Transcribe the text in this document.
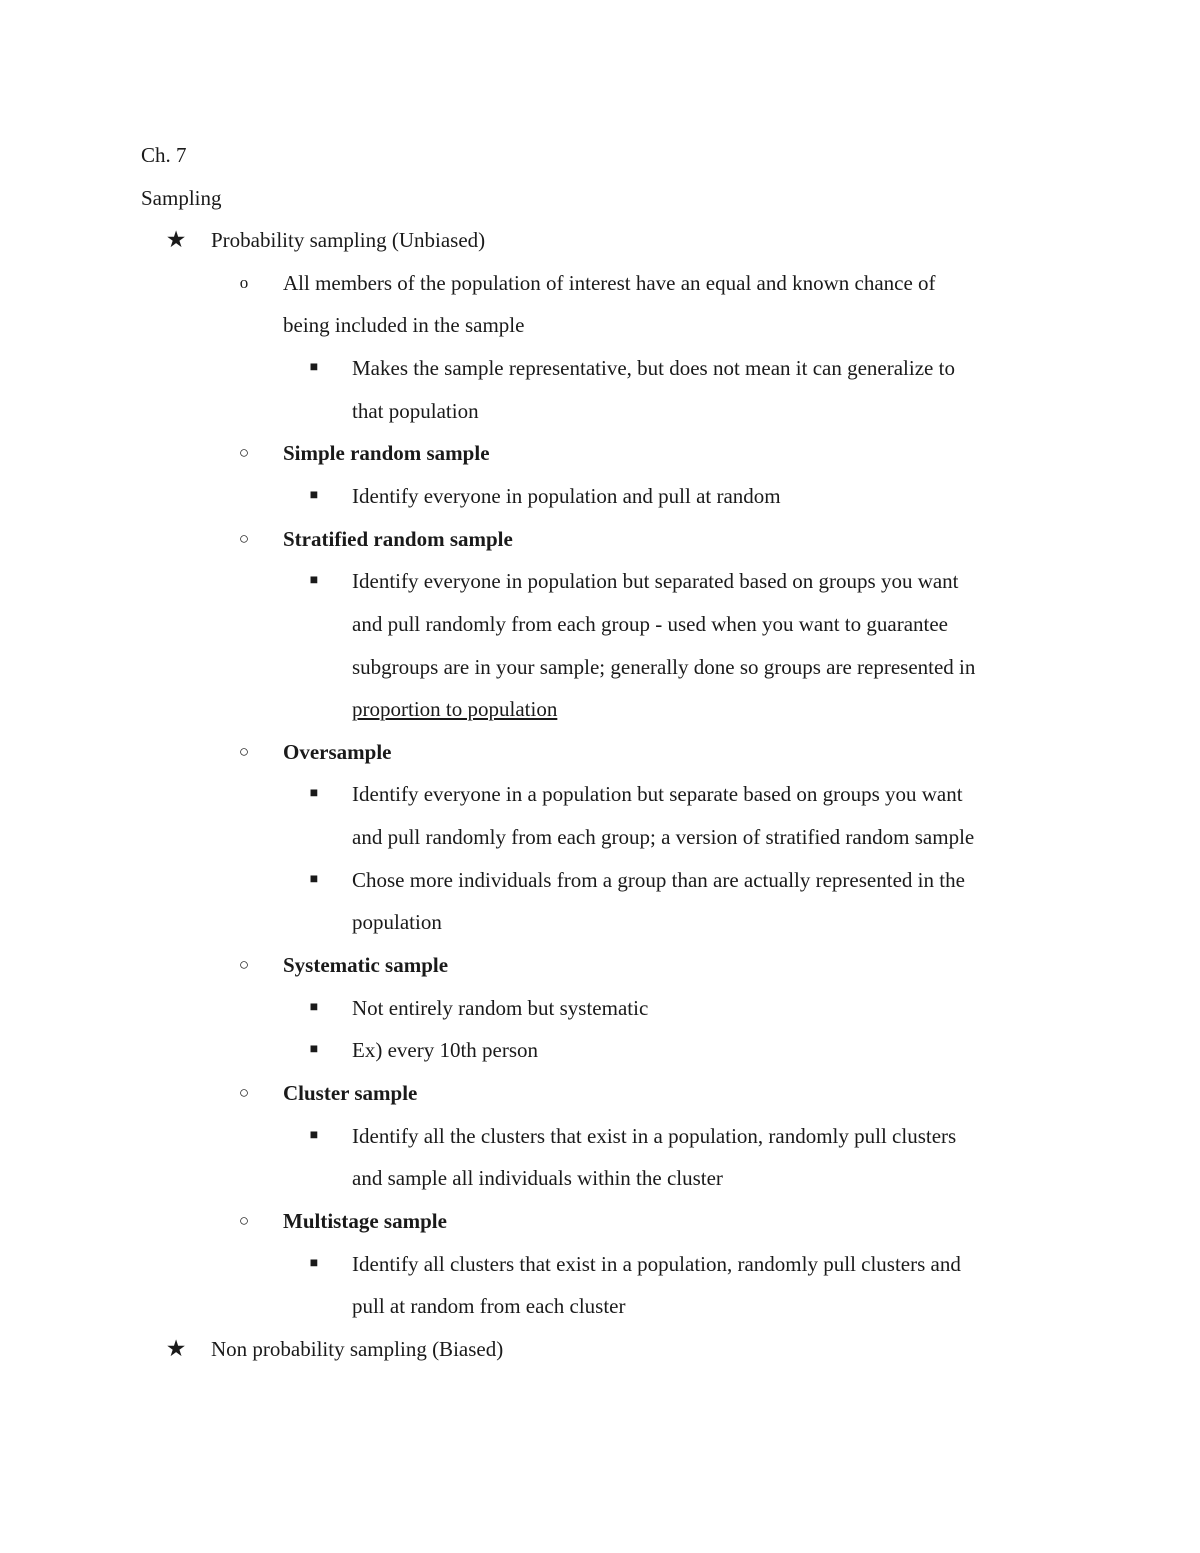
Ch. 7
Sampling
★ Probability sampling (Unbiased)
o	All members of the population of interest have an equal and known chance of
being included in the sample
■	Makes the sample representative, but does not mean it can generalize to
that population
○	Simple random sample
■	Identify everyone in population and pull at random
○	Stratified random sample
■	Identify everyone in population but separated based on groups you want
and pull randomly from each group - used when you want to guarantee
subgroups are in your sample; generally done so groups are represented in
proportion to population
○	Oversample
■	Identify everyone in a population but separate based on groups you want
and pull randomly from each group; a version of stratified random sample
■	Chose more individuals from a group than are actually represented in the
population
○	Systematic sample
■	Not entirely random but systematic
■	Ex) every 10th person
○	Cluster sample
■	Identify all the clusters that exist in a population, randomly pull clusters
and sample all individuals within the cluster
○	Multistage sample
■	Identify all clusters that exist in a population, randomly pull clusters and
pull at random from each cluster
★ Non probability sampling (Biased)
